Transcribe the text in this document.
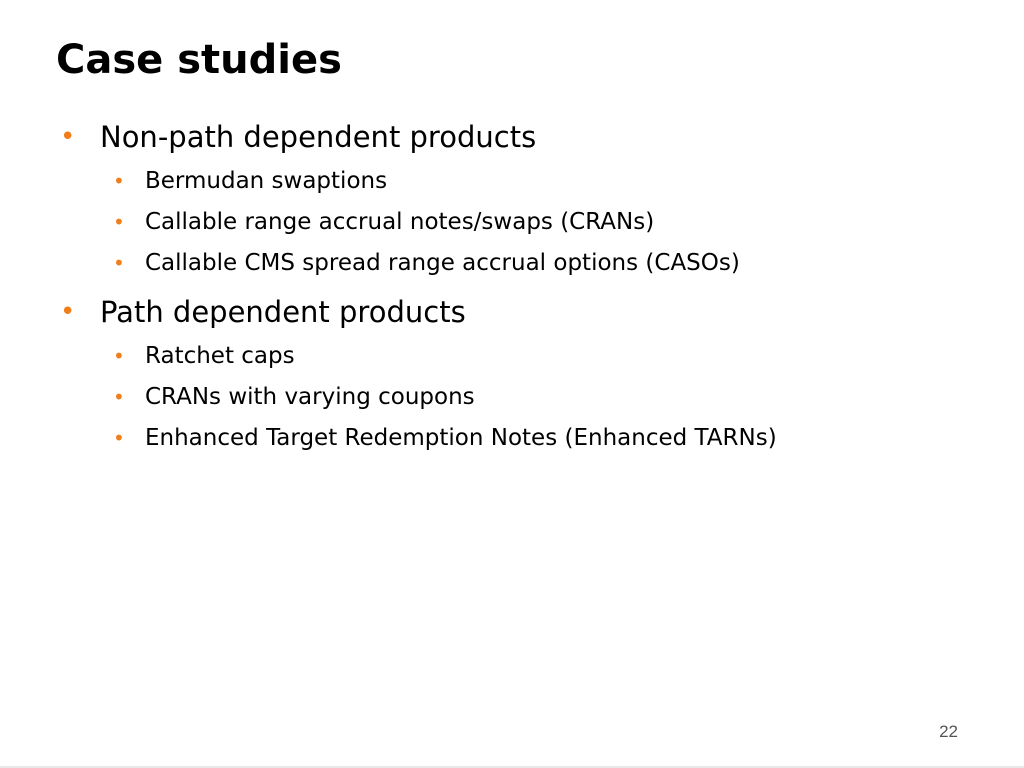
Case studies
• Non-path dependent products
• Bermudan swaptions
• Callable range accrual notes/swaps (CRANs)
• Callable CMS spread range accrual options (CASOs)
• Path dependent products
• Ratchet caps
• CRANs with varying coupons
• Enhanced Target Redemption Notes (Enhanced TARNs)
22
